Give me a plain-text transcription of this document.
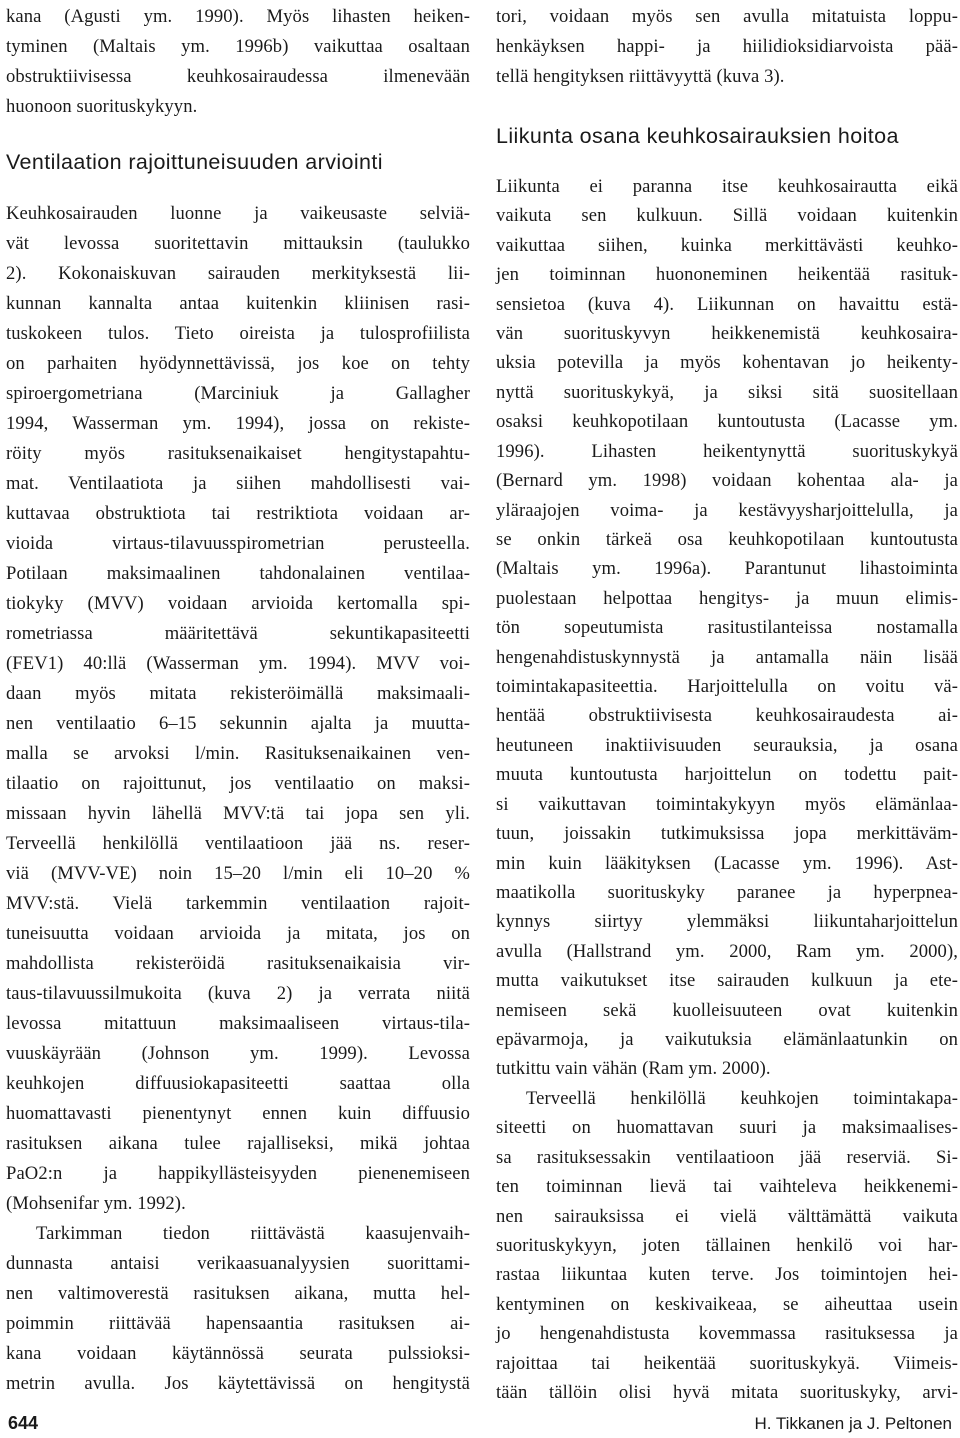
kana (Agusti ym. 1990). Myös lihasten heiken-
tyminen (Maltais ym. 1996b) vaikuttaa osaltaan
obstruktiivisessa keuhkosairaudessa ilmenevään
huonoon suorituskykyyn.
Ventilaation rajoittuneisuuden arviointi
Keuhkosairauden luonne ja vaikeusaste selviä-
vät levossa suoritettavin mittauksin (taulukko
2). Kokonaiskuvan sairauden merkityksestä lii-
kunnan kannalta antaa kuitenkin kliinisen rasi-
tuskokeen tulos. Tieto oireista ja tulosprofiilista
on parhaiten hyödynnettävissä, jos koe on tehty
spiroergometriana (Marciniuk ja Gallagher
1994, Wasserman ym. 1994), jossa on rekiste-
röity myös rasituksenaikaiset hengitystapahtu-
mat. Ventilaatiota ja siihen mahdollisesti vai-
kuttavaa obstruktiota tai restriktiota voidaan ar-
vioida virtaus-tilavuusspirometrian perusteella.
Potilaan maksimaalinen tahdonalainen ventilaa-
tiokyky (MVV) voidaan arvioida kertomalla spi-
rometriassa määritettävä sekuntikapasiteetti
(FEV1) 40:llä (Wasserman ym. 1994). MVV voi-
daan myös mitata rekisteröimällä maksimaali-
nen ventilaatio 6–15 sekunnin ajalta ja muutta-
malla se arvoksi l/min. Rasituksenaikainen ven-
tilaatio on rajoittunut, jos ventilaatio on maksi-
missaan hyvin lähellä MVV:tä tai jopa sen yli.
Terveellä henkilöllä ventilaatioon jää ns. reser-
viä (MVV-VE) noin 15–20 l/min eli 10–20 %
MVV:stä. Vielä tarkemmin ventilaation rajoit-
tuneisuutta voidaan arvioida ja mitata, jos on
mahdollista rekisteröidä rasituksenaikaisia vir-
taus-tilavuussilmukoita (kuva 2) ja verrata niitä
levossa mitattuun maksimaaliseen virtaus-tila-
vuuskäyrään (Johnson ym. 1999). Levossa
keuhkojen diffuusiokapasiteetti saattaa olla
huomattavasti pienentynyt ennen kuin diffuusio
rasituksen aikana tulee rajalliseksi, mikä johtaa
PaO2:n ja happikyllästeisyyden pienenemiseen
(Mohsenifar ym. 1992).
Tarkimman tiedon riittävästä kaasujenvaih-
dunnasta antaisi verikaasuanalyysien suorittami-
nen valtimoverestä rasituksen aikana, mutta hel-
poimmin riittävää hapensaantia rasituksen ai-
kana voidaan käytännössä seurata pulssioksi-
metrin avulla. Jos käytettävissä on hengitystä
tori, voidaan myös sen avulla mitatuista loppu-
henkäyksen happi- ja hiilidioksidiarvoista pää-
tellä hengityksen riittävyyttä (kuva 3).
Liikunta osana keuhkosairauksien hoitoa
Liikunta ei paranna itse keuhkosairautta eikä
vaikuta sen kulkuun. Sillä voidaan kuitenkin
vaikuttaa siihen, kuinka merkittävästi keuhko-
jen toiminnan huononeminen heikentää rasituk-
sensietoa (kuva 4). Liikunnan on havaittu estä-
vän suorituskyvyn heikkenemistä keuhkosaira-
uksia potevilla ja myös kohentavan jo heikenty-
nyttä suorituskykyä, ja siksi sitä suositellaan
osaksi keuhkopotilaan kuntoutusta (Lacasse ym.
1996). Lihasten heikentynyttä suorituskykyä
(Bernard ym. 1998) voidaan kohentaa ala- ja
yläraajojen voima- ja kestävyysharjoittelulla, ja
se onkin tärkeä osa keuhkopotilaan kuntoutusta
(Maltais ym. 1996a). Parantunut lihastoiminta
puolestaan helpottaa hengitys- ja muun elimis-
tön sopeutumista rasitustilanteissa nostamalla
hengenahdistuskynnystä ja antamalla näin lisää
toimintakapasiteettia. Harjoittelulla on voitu vä-
hentää obstruktiivisesta keuhkosairaudesta ai-
heutuneen inaktiivisuuden seurauksia, ja osana
muuta kuntoutusta harjoittelun on todettu pait-
si vaikuttavan toimintakykyyn myös elämänlaa-
tuun, joissakin tutkimuksissa jopa merkittäväm-
min kuin lääkityksen (Lacasse ym. 1996). Ast-
maatikolla suorituskyky paranee ja hyperpnea-
kynnys siirtyy ylemmäksi liikuntaharjoittelun
avulla (Hallstrand ym. 2000, Ram ym. 2000),
mutta vaikutukset itse sairauden kulkuun ja ete-
nemiseen sekä kuolleisuuteen ovat kuitenkin
epävarmoja, ja vaikutuksia elämänlaatunkin on
tutkittu vain vähän (Ram ym. 2000).
Terveellä henkilöllä keuhkojen toimintakapa-
siteetti on huomattavan suuri ja maksimaalises-
sa rasituksessakin ventilaatioon jää reserviä. Si-
ten toiminnan lievä tai vaihteleva heikkenemi-
nen sairauksissa ei vielä välttämättä vaikuta
suorituskykyyn, joten tällainen henkilö voi har-
rastaa liikuntaa kuten terve. Jos toimintojen hei-
kentyminen on keskivaikeaa, se aiheuttaa usein
jo hengenahdistusta kovemmassa rasituksessa ja
rajoittaa tai heikentää suorituskykyä. Viimeis-
tään tällöin olisi hyvä mitata suorituskyky, arvi-
644	H. Tikkanen ja J. Peltonen
